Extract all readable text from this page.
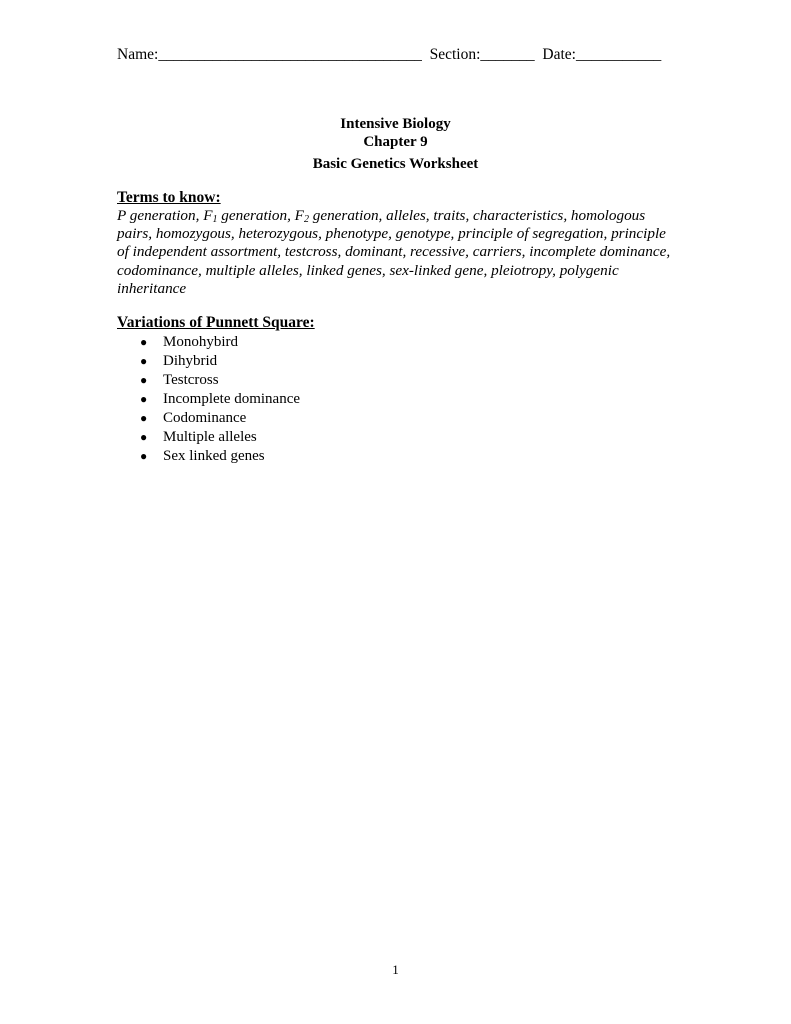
Name:__________________________________ Section:_______ Date:___________
Intensive Biology
Chapter 9
Basic Genetics Worksheet
Terms to know:
P generation, $F_1$ generation, $F_2$ generation, alleles, traits, characteristics, homologous pairs, homozygous, heterozygous, phenotype, genotype, principle of segregation, principle of independent assortment, testcross, dominant, recessive, carriers, incomplete dominance, codominance, multiple alleles, linked genes, sex-linked gene, pleiotropy, polygenic inheritance
Variations of Punnett Square:
● Monohybird
● Dihybrid
● Testcross
● Incomplete dominance
● Codominance
● Multiple alleles
● Sex linked genes
1
